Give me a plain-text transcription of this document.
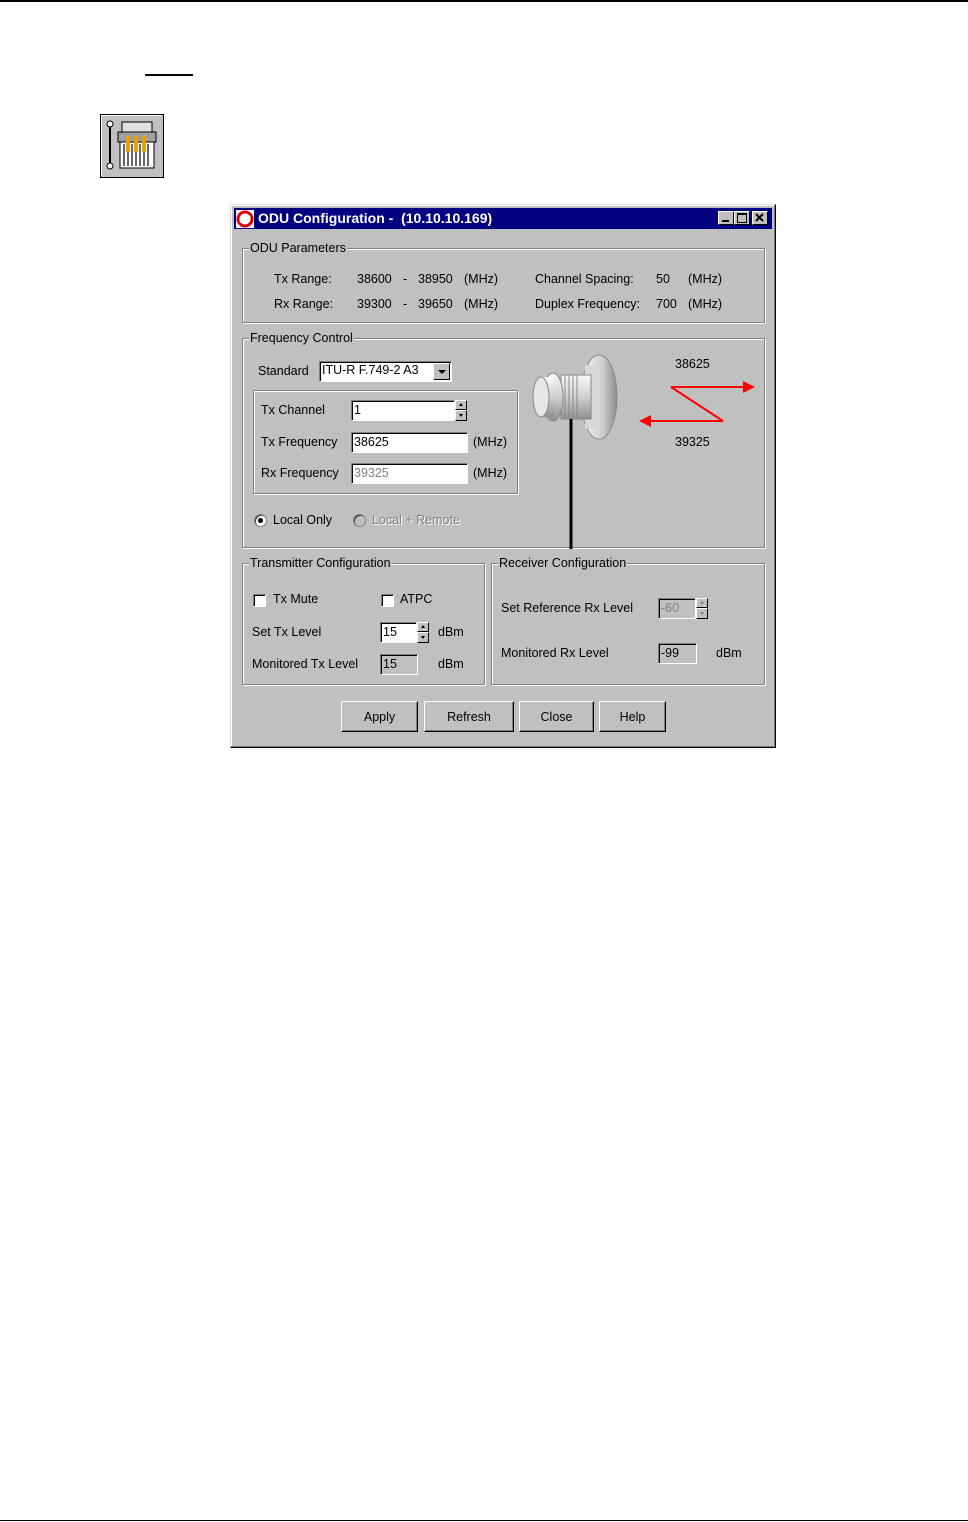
ODU Configuration -  (10.10.10.169)
ODU Parameters
Tx Range: 38600 - 38950 (MHz)
Rx Range: 39300 - 39650 (MHz)
Channel Spacing: 50 (MHz)
Duplex Frequency: 700 (MHz)
Frequency Control
Standard ITU-R F.749-2 A3
Tx Channel 1
Tx Frequency 38625	(MHz)
Rx Frequency 39325	(MHz)
Local Only	Local + Remote
38625
39325
Transmitter Configuration
Tx Mute	ATPC
Set Tx Level	15	dBm
Monitored Tx Level 15	dBm
Receiver Configuration
Set Reference Rx Level -60
Monitored Rx Level	-99	dBm
Apply	Refresh	Close	Help
